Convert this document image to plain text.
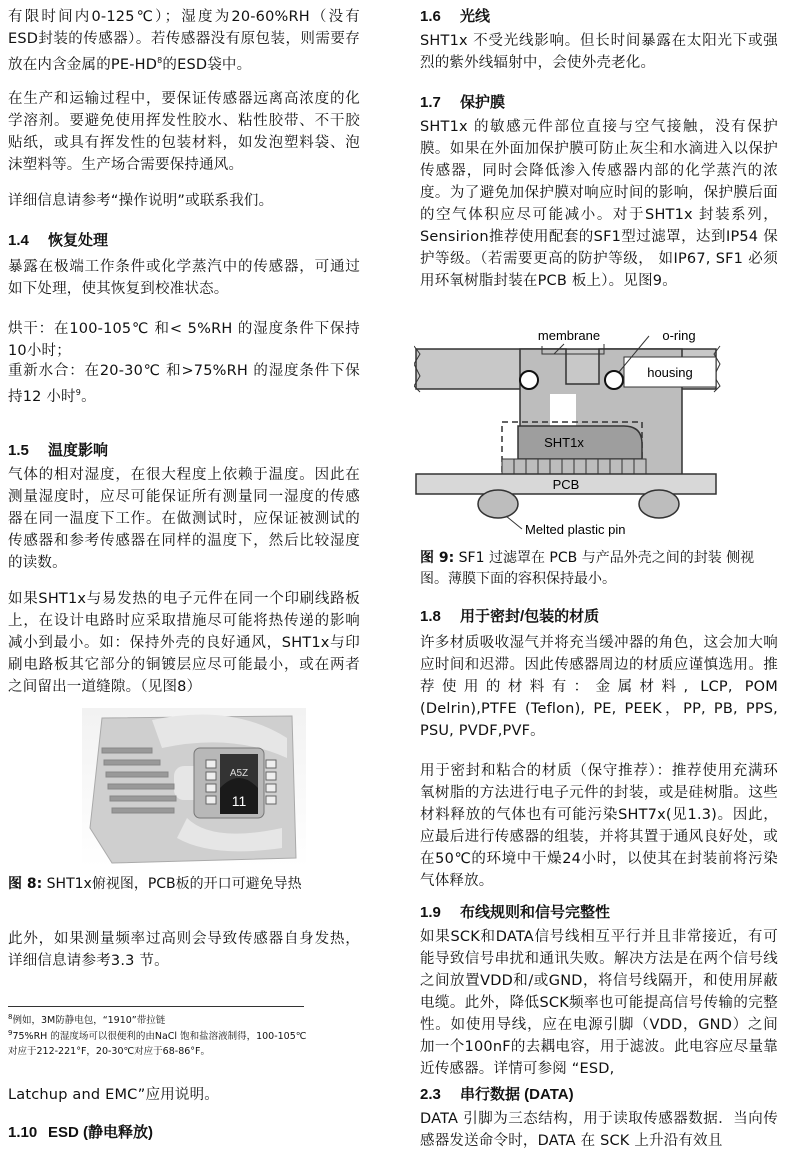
有限时间内0-125℃）；湿度为20-60%RH（没有ESD封装的传感器）。若传感器没有原包装，则需要存放在内含金属的$PE-HD^8$的ESD袋中。

在生产和运输过程中，要保证传感器远离高浓度的化学溶剂。要避免使用挥发性胶水、粘性胶带、不干胶贴纸，或具有挥发性的包装材料，如发泡塑料袋、泡沫塑料等。生产场合需要保持通风。

详细信息请参考“操作说明”或联系我们。

1.4 恢复处理

暴露在极端工作条件或化学蒸汽中的传感器，可通过如下处理，使其恢复到校准状态。

烘干：在100-105℃ 和< 5%RH 的湿度条件下保持10小时；

重新水合：在20-30℃ 和>75%RH 的湿度条件下保持12 小时$^9$。

1.5 温度影响

气体的相对湿度，在很大程度上依赖于温度。因此在测量湿度时，应尽可能保证所有测量同一湿度的传感器在同一温度下工作。在做测试时，应保证被测试的传感器和参考传感器在同样的温度下，然后比较湿度的读数。

如果SHT1x与易发热的电子元件在同一个印刷线路板上，在设计电路时应采取措施尽可能将热传递的影响减小到最小。如：保持外壳的良好通风，SHT1x与印刷电路板其它部分的铜镀层应尽可能最小，或在两者之间留出一道缝隙。（见图8）

A5Z
11

图 8: SHT1x俯视图，PCB板的开口可避免导热

此外，如果测量频率过高则会导致传感器自身发热，详细信息请参考3.3 节。

$^8$例如，3M防静电包，“1910”带拉链

$^9$75%RH 的湿度场可以很便利的由NaCl 饱和盐溶液制得，100-105℃对应于212-221°F，20-30℃对应于68-86°F。

Latchup and EMC”应用说明。

1.10 ESD (静电释放)
1.6 光线

SHT1x 不受光线影响。但长时间暴露在太阳光下或强烈的紫外线辐射中，会使外壳老化。

1.7 保护膜

SHT1x 的敏感元件部位直接与空气接触，没有保护膜。如果在外面加保护膜可防止灰尘和水滴进入以保护传感器，同时会降低渗入传感器内部的化学蒸汽的浓度。为了避免加保护膜对响应时间的影响，保护膜后面的空气体积应尽可能减小。对于SHT1x 封装系列，Sensirion推荐使用配套的SF1型过滤罩，达到IP54 保护等级。（若需要更高的防护等级， 如IP67, SF1 必须用环氧树脂封装在PCB 板上）。见图9。

housing
SHT1x
PCB
membrane	o-ring
Melted plastic pin

图 9: SF1 过滤罩在 PCB 与产品外壳之间的封装 侧视图。薄膜下面的容积保持最小。

1.8 用于密封/包装的材质

许多材质吸收湿气并将充当缓冲器的角色，这会加大响应时间和迟滞。因此传感器周边的材质应谨慎选用。推荐使用的材料有：金属材料, LCP, POM (Delrin),PTFE (Teflon), PE, PEEK，PP, PB, PPS, PSU, PVDF,PVF。

用于密封和粘合的材质（保守推荐）：推荐使用充满环氧树脂的方法进行电子元件的封装，或是硅树脂。这些材料释放的气体也有可能污染SHT7x(见1.3)。因此，应最后进行传感器的组装，并将其置于通风良好处，或在50℃的环境中干燥24小时，以使其在封装前将污染气体释放。

1.9 布线规则和信号完整性

如果SCK和DATA信号线相互平行并且非常接近，有可能导致信号串扰和通讯失败。解决方法是在两个信号线之间放置VDD和/或GND，将信号线隔开，和使用屏蔽电缆。此外，降低SCK频率也可能提高信号传输的完整性。如使用导线，应在电源引脚（VDD，GND）之间加一个100nF的去耦电容，用于滤波。此电容应尽量靠近传感器。详情可参阅 “ESD,

2.3 串行数据 (DATA)

DATA 引脚为三态结构，用于读取传感器数据．当向传感器发送命令时，DATA 在 SCK 上升沿有效且
